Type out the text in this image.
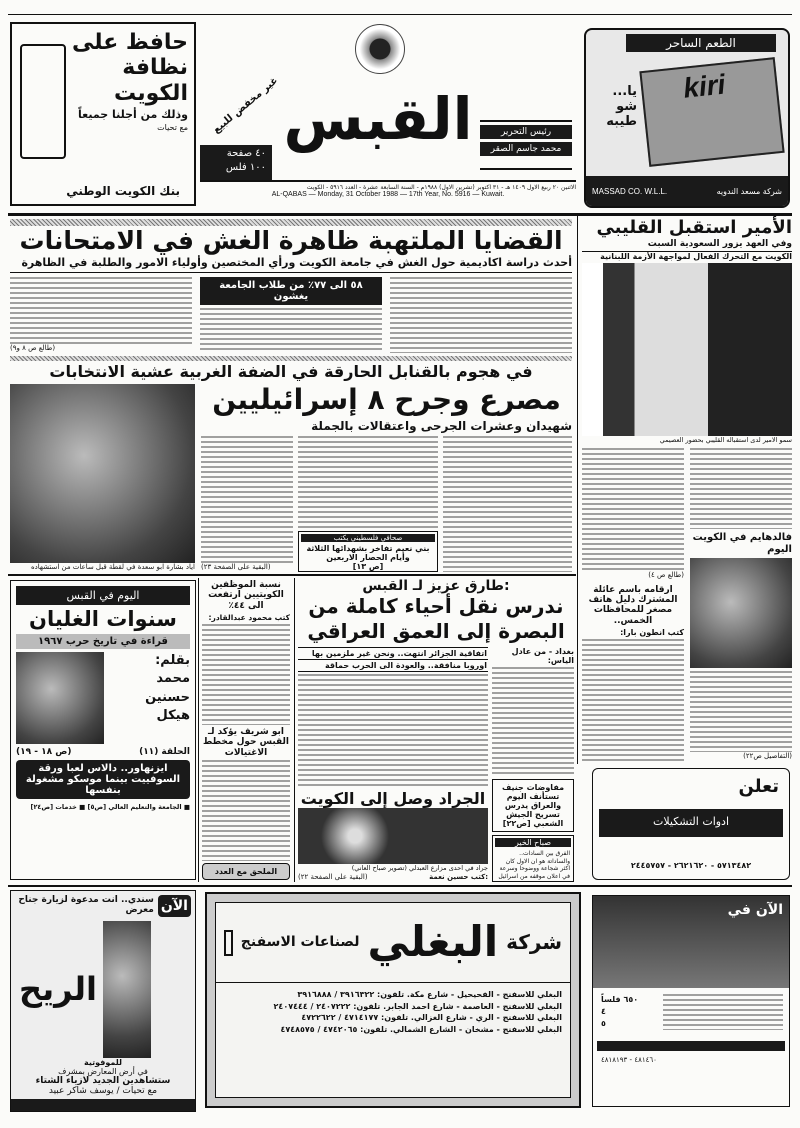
حافظ على
نظافة
الكويت
وذلك من أجلنا جميعاً
مع تحيات
بنك الكويت الوطني
غير مخفض للبيع
٤٠ صفحة
١٠٠ فلس
القبس	رئيس التحرير
محمد جاسم الصقر
الاثنين ٢٠ ربيع الاول ١٤٠٩ هـ - ٣١ اكتوبر (تشرين الاول) ١٩٨٨م - السنة السابعة عشرة - العدد ٥٩١٦ - الكويت
AL-QABAS — Monday, 31 October 1988 — 17th Year, No. 5916 — Kuwait.
الطعم الساحر
kiri
يا...
شو
طيبه
MASSAD CO. W.L.L.	شركة مسعد الندويه
القضايا الملتهبة ظاهرة الغش في الامتحانات
أحدث دراسة اكاديمية حول الغش في جامعة الكويت ورأي المختصين وأولياء الامور والطلبة في الظاهرة
(طالع ص ٨ و٩)
٥٨ الى ٧٧٪ من طلاب الجامعة يغشون
في هجوم بالقنابل الحارقة في الضفة الغربية عشية الانتخابات
اياد بشارة ابو سعدة في لقطة قبل ساعات من استشهاده
مصرع وجرح ٨ إسرائيليين
شهيدان وعشرات الجرحى واعتقالات بالجملة
(البقية على الصفحة ٢٣)
صحافي فلسطيني يكتب
بني نعيم تفاخر بشهدائها الثلاثة وأيام الحصار الاربعين
[ص ١٣]
الأمير استقبل القليبي
وفي العهد يزور السعودية السبت
الكويت مع التحرك الفعال لمواجهة الأزمة اللبنانية
سمو الامير لدى استقباله القليبي بحضور العصيمي
(طالع ص ٤)
ارقامه باسم عائلة المشترك دليل هاتف مصغر للمحافظات الخمس..
كتب انطون بارا:
فالدهايم في الكويت اليوم
(التفاصيل ص٢٢)
اليوم في القبس
سنوات الغليان
قراءة في تاريخ حرب ١٩٦٧
بقلم:
محمد
حسنين
هيكل
(ص ١٨ - ١٩)	الحلقة (١١)
ايزنهاور.. دالاس لعبا ورقة السوفييت بينما موسكو مشغولة بنفسها
■ الجامعة والتعليم العالي [ص٥] ■ خدمات [ص٢٤]
نسبة الموظفين الكويتيين ارتفعت الى ٤٤٪
كتب محمود عبدالقادر:
ابو شريف يؤكد لـ القبس حول مخطط الاغتيالات
الملحق مع العدد
طارق عزيز لـ القبس:
ندرس نقل أحياء كاملة من البصرة إلى العمق العراقي
اتفاقية الجزائر انتهت.. ونحن غير ملزمين بها
اوروبا منافقة.. والعودة الى الحرب حماقة
الجراد وصل إلى الكويت
جراد في احدى مزارع العبدلي (تصوير صباح العاني)
(البقية على الصفحة ٢٢)	كتب حسين نعمة:
بغداد - من عادل الياس:
مفاوضات جنيف تستأنف اليوم والعراق يدرس تسريح الجيش الشعبي [ص٢٢]
صباح الخير
الفرق بين السادات.. والساداتة هو ان الاول كان اكثر شجاعة ووضوحا وسرعة في اعلان موقفه من اسرائيل
تعلن
ادوات التشكيلات
٥٧١٣٤٨٢ - ٢٦٢١٦٢٠ - ٢٤٤٥٧٥٧
سندي.. انت مدعوة لزيارة جناح معرض الآن
الريح
للموفوتية
في أرض المعارض بمشرف
ستشاهدين الجديد لازياء الشتاء
مع تحيات / يوسف شاكر عبيد
لصناعات الاسفنج البغلي شركة
البغلي للاسفنج - الفحيحيل - شارع مكة. تلفون: ٣٩١٦٣٢٢ / ٣٩١٦٨٨٨
البغلي للاسفنج - العاصمة - شارع احمد الجابر. تلفون: ٢٤٠٧٢٢٢ / ٢٤٠٧٤٤٤
البغلي للاسفنج - الري - شارع الغزالي. تلفون: ٤٧١٤١٧٧ / ٤٧٢٢٦٢٢
البغلي للاسفنج - مشخان - الشارع الشمالي. تلفون: ٤٧٤٢٠٦٥ / ٤٧٤٨٥٧٥
الآن في
٦٥٠ فلساً
٤
٥
٤٨١٤٦٠ - ٤٨١٨١٩٣
